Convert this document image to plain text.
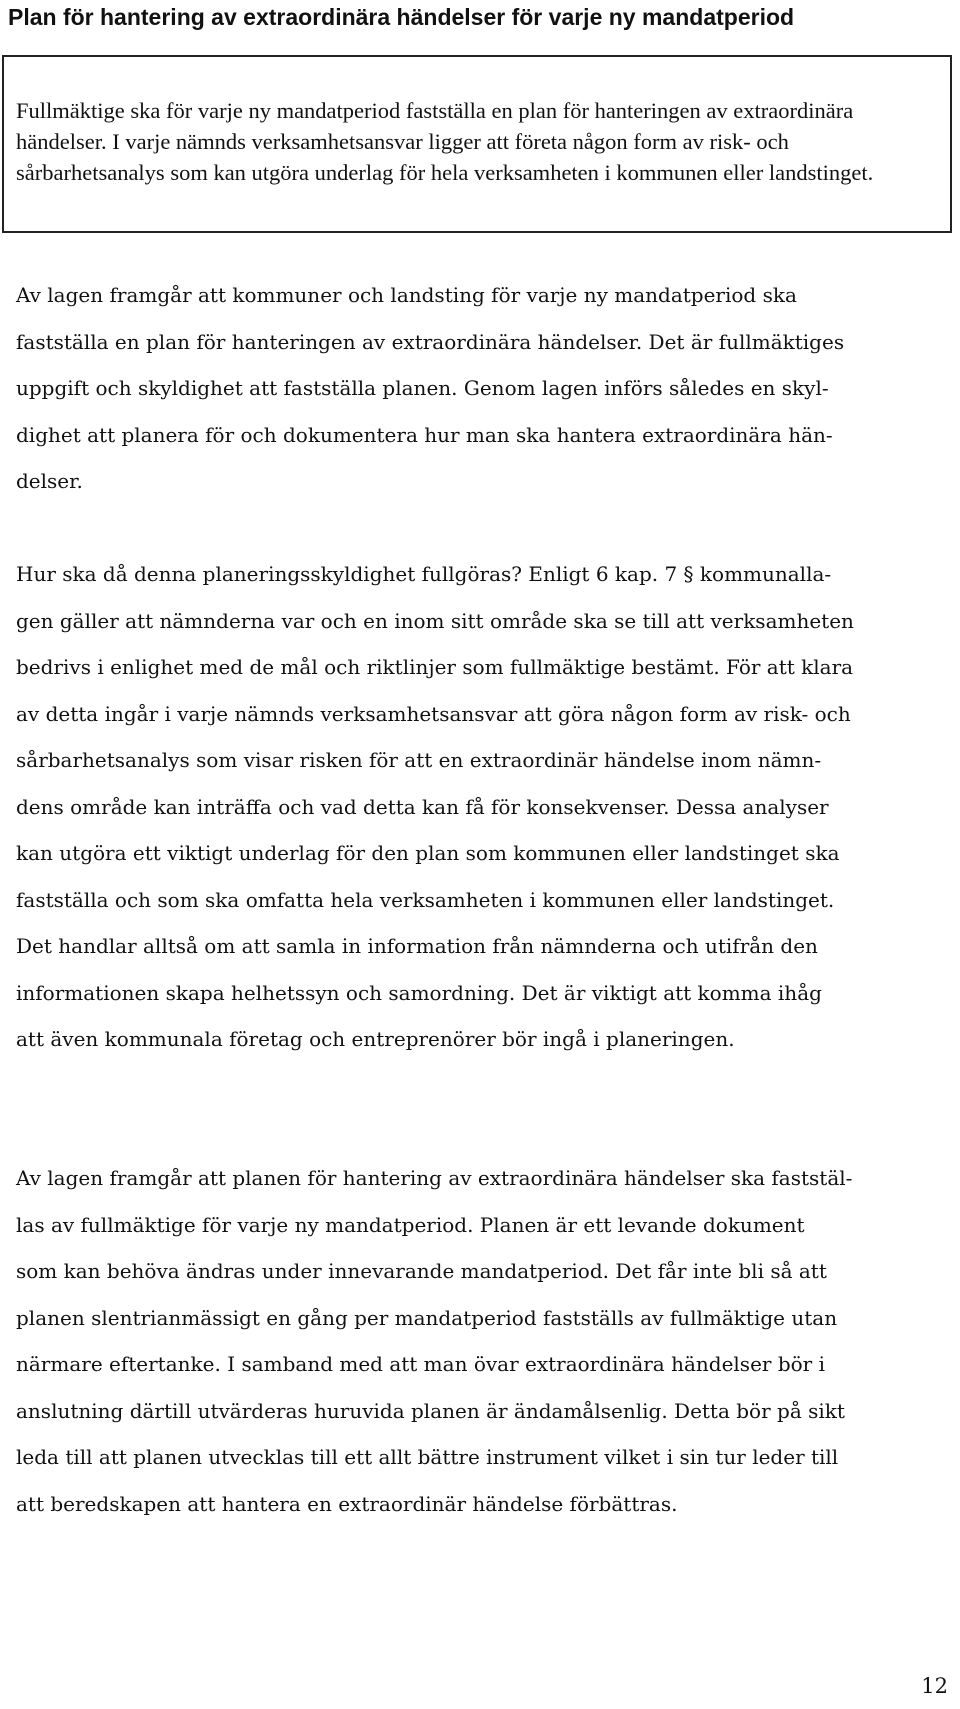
Plan för hantering av extraordinära händelser för varje ny mandatperiod

Fullmäktige ska för varje ny mandatperiod fastställa en plan för hanteringen av extraordinära händelser. I varje nämnds verksamhetsansvar ligger att företa någon form av risk- och sårbarhetsanalys som kan utgöra underlag för hela verksamheten i kommunen eller landstinget.

Av lagen framgår att kommuner och landsting för varje ny mandatperiod ska
fastställa en plan för hanteringen av extraordinära händelser. Det är fullmäktiges
uppgift och skyldighet att fastställa planen. Genom lagen införs således en skyl-
dighet att planera för och dokumentera hur man ska hantera extraordinära hän-
delser.
Hur ska då denna planeringsskyldighet fullgöras? Enligt 6 kap. 7 § kommunalla-
gen gäller att nämnderna var och en inom sitt område ska se till att verksamheten
bedrivs i enlighet med de mål och riktlinjer som fullmäktige bestämt. För att klara
av detta ingår i varje nämnds verksamhetsansvar att göra någon form av risk- och
sårbarhetsanalys som visar risken för att en extraordinär händelse inom nämn-
dens område kan inträffa och vad detta kan få för konsekvenser. Dessa analyser
kan utgöra ett viktigt underlag för den plan som kommunen eller landstinget ska
fastställa och som ska omfatta hela verksamheten i kommunen eller landstinget.
Det handlar alltså om att samla in information från nämnderna och utifrån den
informationen skapa helhetssyn och samordning. Det är viktigt att komma ihåg
att även kommunala företag och entreprenörer bör ingå i planeringen.
Av lagen framgår att planen för hantering av extraordinära händelser ska faststäl-
las av fullmäktige för varje ny mandatperiod. Planen är ett levande dokument
som kan behöva ändras under innevarande mandatperiod. Det får inte bli så att
planen slentrianmässigt en gång per mandatperiod fastställs av fullmäktige utan
närmare eftertanke. I samband med att man övar extraordinära händelser bör i
anslutning därtill utvärderas huruvida planen är ändamålsenlig. Detta bör på sikt
leda till att planen utvecklas till ett allt bättre instrument vilket i sin tur leder till
att beredskapen att hantera en extraordinär händelse förbättras.
12
